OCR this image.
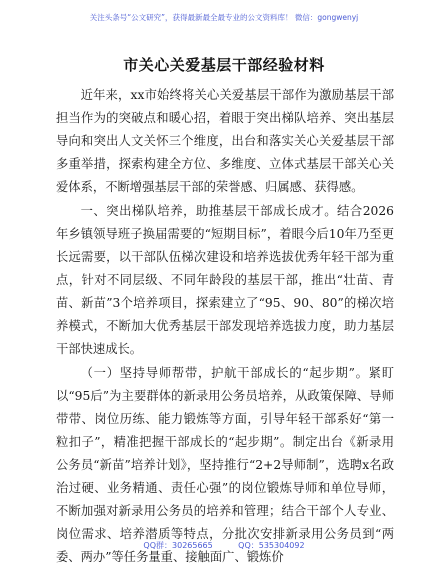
关注头条号“公文研究”，获得最新最全最专业的公文资料库！ 微信：gongwenyj
市关心关爱基层干部经验材料

近年来，xx市始终将关心关爱基层干部作为激励基层干部担当作为的突破点和暖心招，着眼于突出梯队培养、突出基层导向和突出人文关怀三个维度，出台和落实关心关爱基层干部多重举措，探索构建全方位、多维度、立体式基层干部关心关爱体系，不断增强基层干部的荣誉感、归属感、获得感。

一、突出梯队培养，助推基层干部成长成才。结合2026年乡镇领导班子换届需要的“短期目标”，着眼今后10年乃至更长远需要，以干部队伍梯次建设和培养选拔优秀年轻干部为重点，针对不同层级、不同年龄段的基层干部，推出“壮苗、青苗、新苗”3个培养项目，探索建立了“95、90、80”的梯次培养模式，不断加大优秀基层干部发现培养选拔力度，助力基层干部快速成长。

（一）坚持导师帮带，护航干部成长的“起步期”。紧盯以“95后”为主要群体的新录用公务员培养，从政策保障、导师带带、岗位历练、能力锻炼等方面，引导年轻干部系好“第一粒扣子”，精准把握干部成长的“起步期”。制定出台《新录用公务员“新苗”培养计划》，坚持推行“2+2导师制”，选聘x名政治过硬、业务精通、责任心强”的岗位锻炼导师和单位导师，不断加强对新录用公务员的培养和管理；结合干部个人专业、岗位需求、培养潜质等特点，分批次安排新录用公务员到“两委、两办”等任务量重、接触面广、锻炼价

QQ群：30265665          QQ：535304092
